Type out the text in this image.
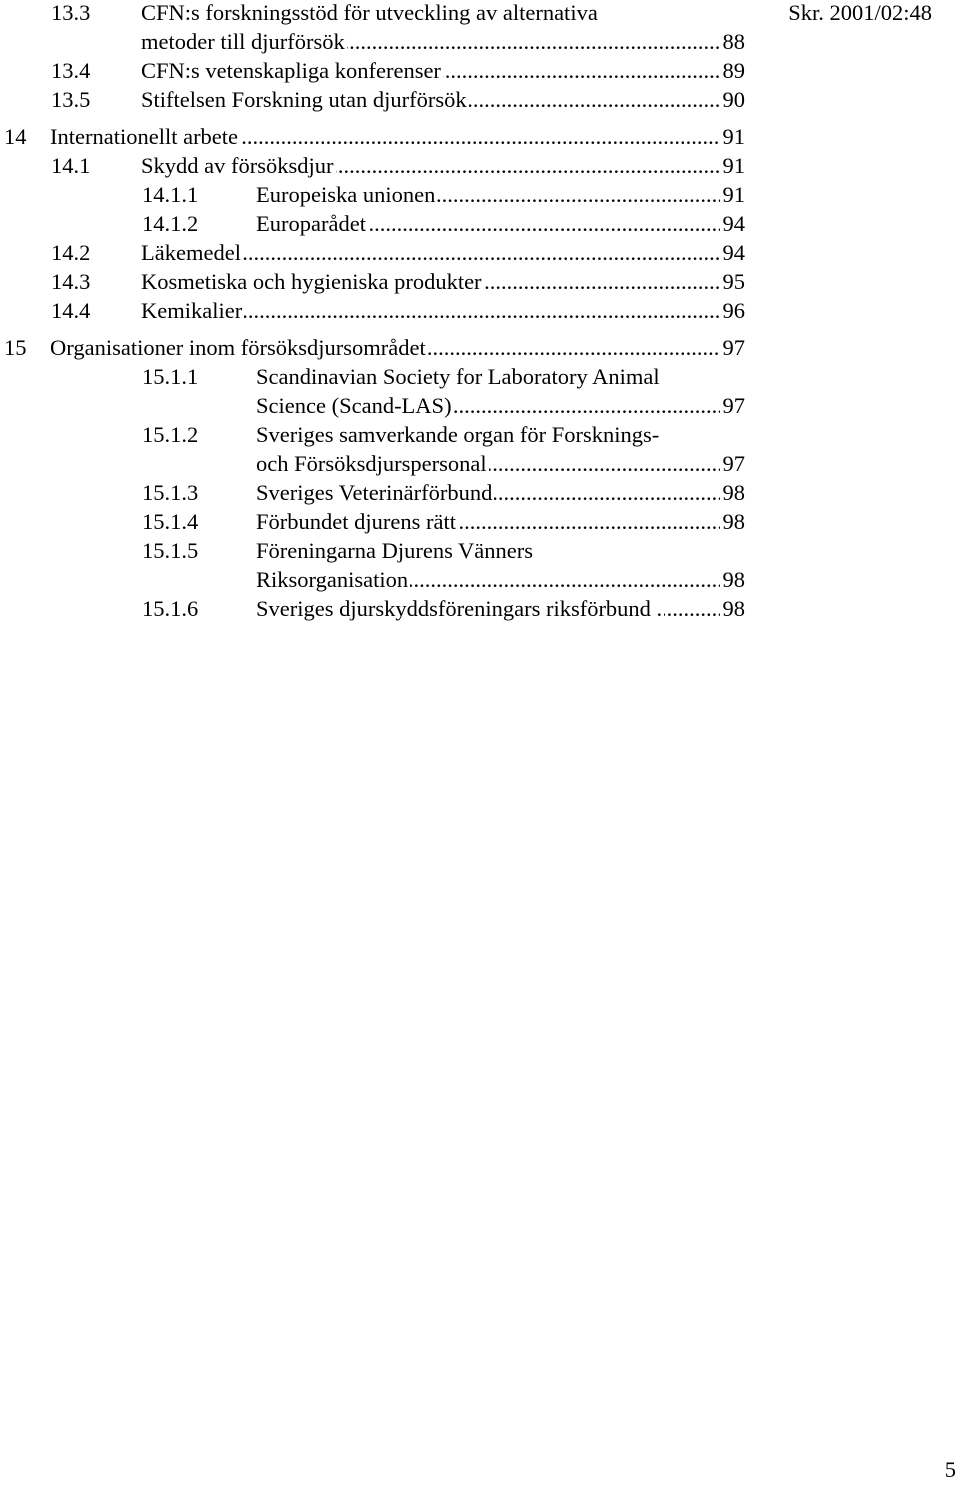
Skr. 2001/02:48
13.3 CFN:s forskningsstöd för utveckling av alternativa
metoder till djurförsök	88
.....
13.4 CFN:s vetenskapliga konferenser	89
.....
13.5 Stiftelsen Forskning utan djurförsök	90
.....
14 Internationellt arbete	91
.....
14.1 Skydd av försöksdjur	91
.....
14.1.1	Europeiska unionen	91
.....
14.1.2	Europarådet	94
.....
14.2 Läkemedel	94
.....
14.3 Kosmetiska och hygieniska produkter	95
.....
14.4 Kemikalier	96
.....
15 Organisationer inom försöksdjursområdet	97
.....
15.1.1	Scandinavian Society for Laboratory Animal
Science (Scand-LAS)	97
.....
15.1.2	Sveriges samverkande organ för Forsknings-
och Försöksdjurspersonal	97
.....
15.1.3	Sveriges Veterinärförbund	98
.....
15.1.4	Förbundet djurens rätt	98
.....
15.1.5	Föreningarna Djurens Vänners
Riksorganisation	98
.....
15.1.6	Sveriges djurskyddsföreningars riksförbund .	98
.....
5
